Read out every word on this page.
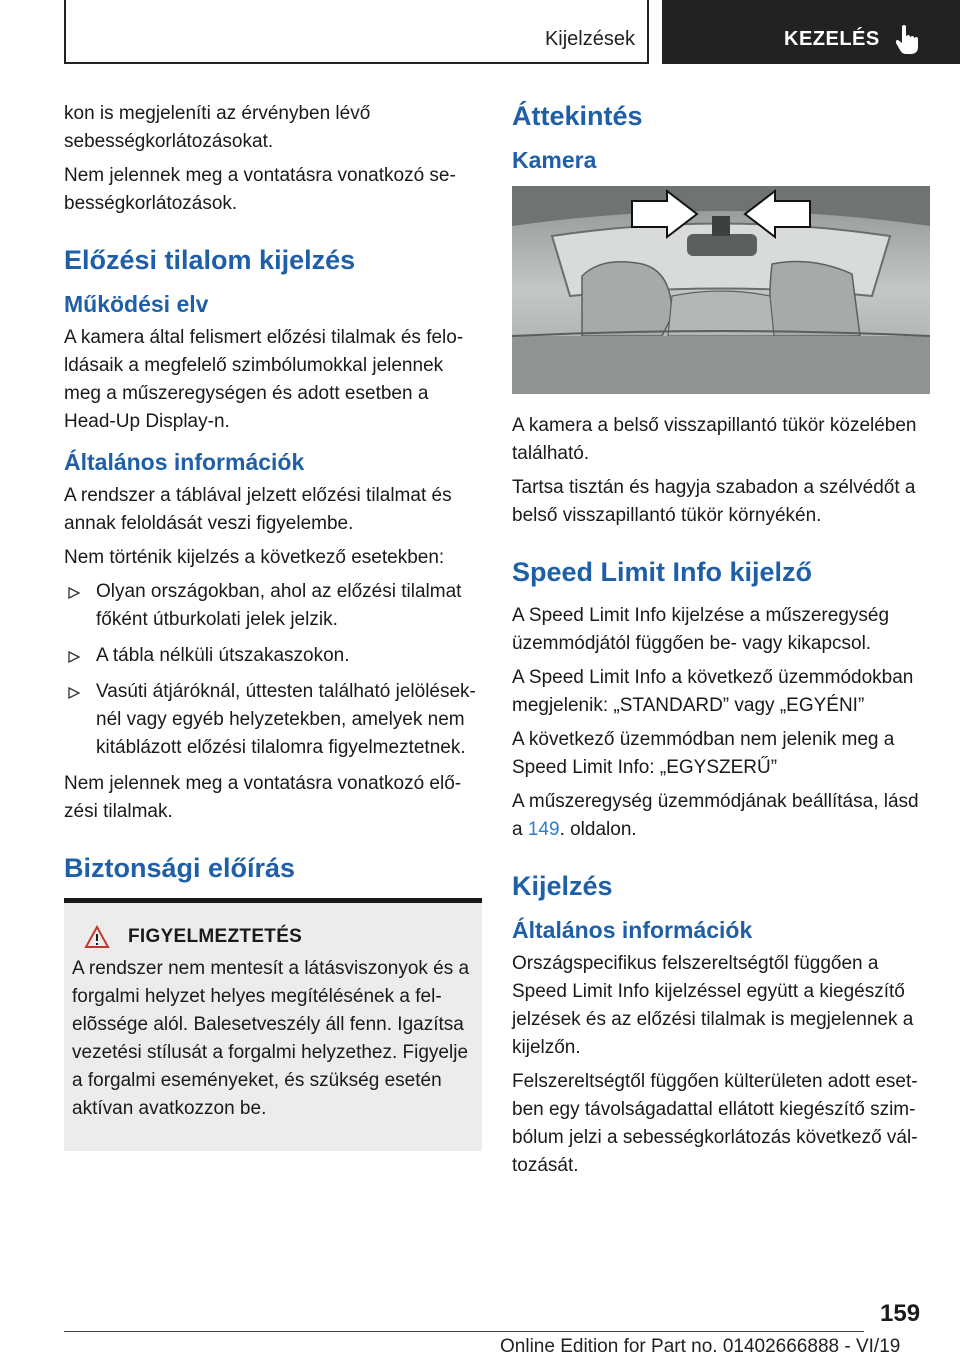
Kijelzések	KEZELÉS

kon is megjeleníti az érvényben lévő sebességkorlátozásokat.

Nem jelennek meg a vontatásra vonatkozó sebességkorlátozások.

Előzési tilalom kijelzés
Működési elv

A kamera által felismert előzési tilalmak és feloldásaik a megfelelő szimbólumokkal jelennek meg a műszeregységen és adott esetben a Head-Up Display-n.

Általános információk

A rendszer a táblával jelzett előzési tilalmat és annak feloldását veszi figyelembe.

Nem történik kijelzés a következő esetekben:

Olyan országokban, ahol az előzési tilalmat főként útburkolati jelek jelzik.
A tábla nélküli útszakaszokon.
Vasúti átjáróknál, úttesten található jelöléseknél vagy egyéb helyzetekben, amelyek nem kitáblázott előzési tilalomra figyelmeztetnek.

Nem jelennek meg a vontatásra vonatkozó előzési tilalmak.

Biztonsági előírás
FIGYELMEZTETÉS

A rendszer nem mentesít a látásviszonyok és a forgalmi helyzet helyes megítélésének a felelõssége alól. Balesetveszély áll fenn. Igazítsa vezetési stílusát a forgalmi helyzethez. Figyelje a forgalmi eseményeket, és szükség esetén aktívan avatkozzon be.

Áttekintés
Kamera

A kamera a belső visszapillantó tükör közelében található.

Tartsa tisztán és hagyja szabadon a szélvédőt a belső visszapillantó tükör környékén.

Speed Limit Info kijelző

A Speed Limit Info kijelzése a műszeregység üzemmódjától függően be- vagy kikapcsol.

A Speed Limit Info a következő üzemmódokban megjelenik: „STANDARD” vagy „EGYÉNI”

A következő üzemmódban nem jelenik meg a Speed Limit Info: „EGYSZERŰ”

A műszeregység üzemmódjának beállítása, lásd a 149. oldalon.

Kijelzés
Általános információk

Országspecifikus felszereltségtől függően a Speed Limit Info kijelzéssel együtt a kiegészítő jelzések és az előzési tilalmak is megjelennek a kijelzőn.

Felszereltségtől függően külterületen adott esetben egy távolságadattal ellátott kiegészítő szimbólum jelzi a sebességkorlátozás következő változását.

159
Online Edition for Part no. 01402666888 - VI/19
